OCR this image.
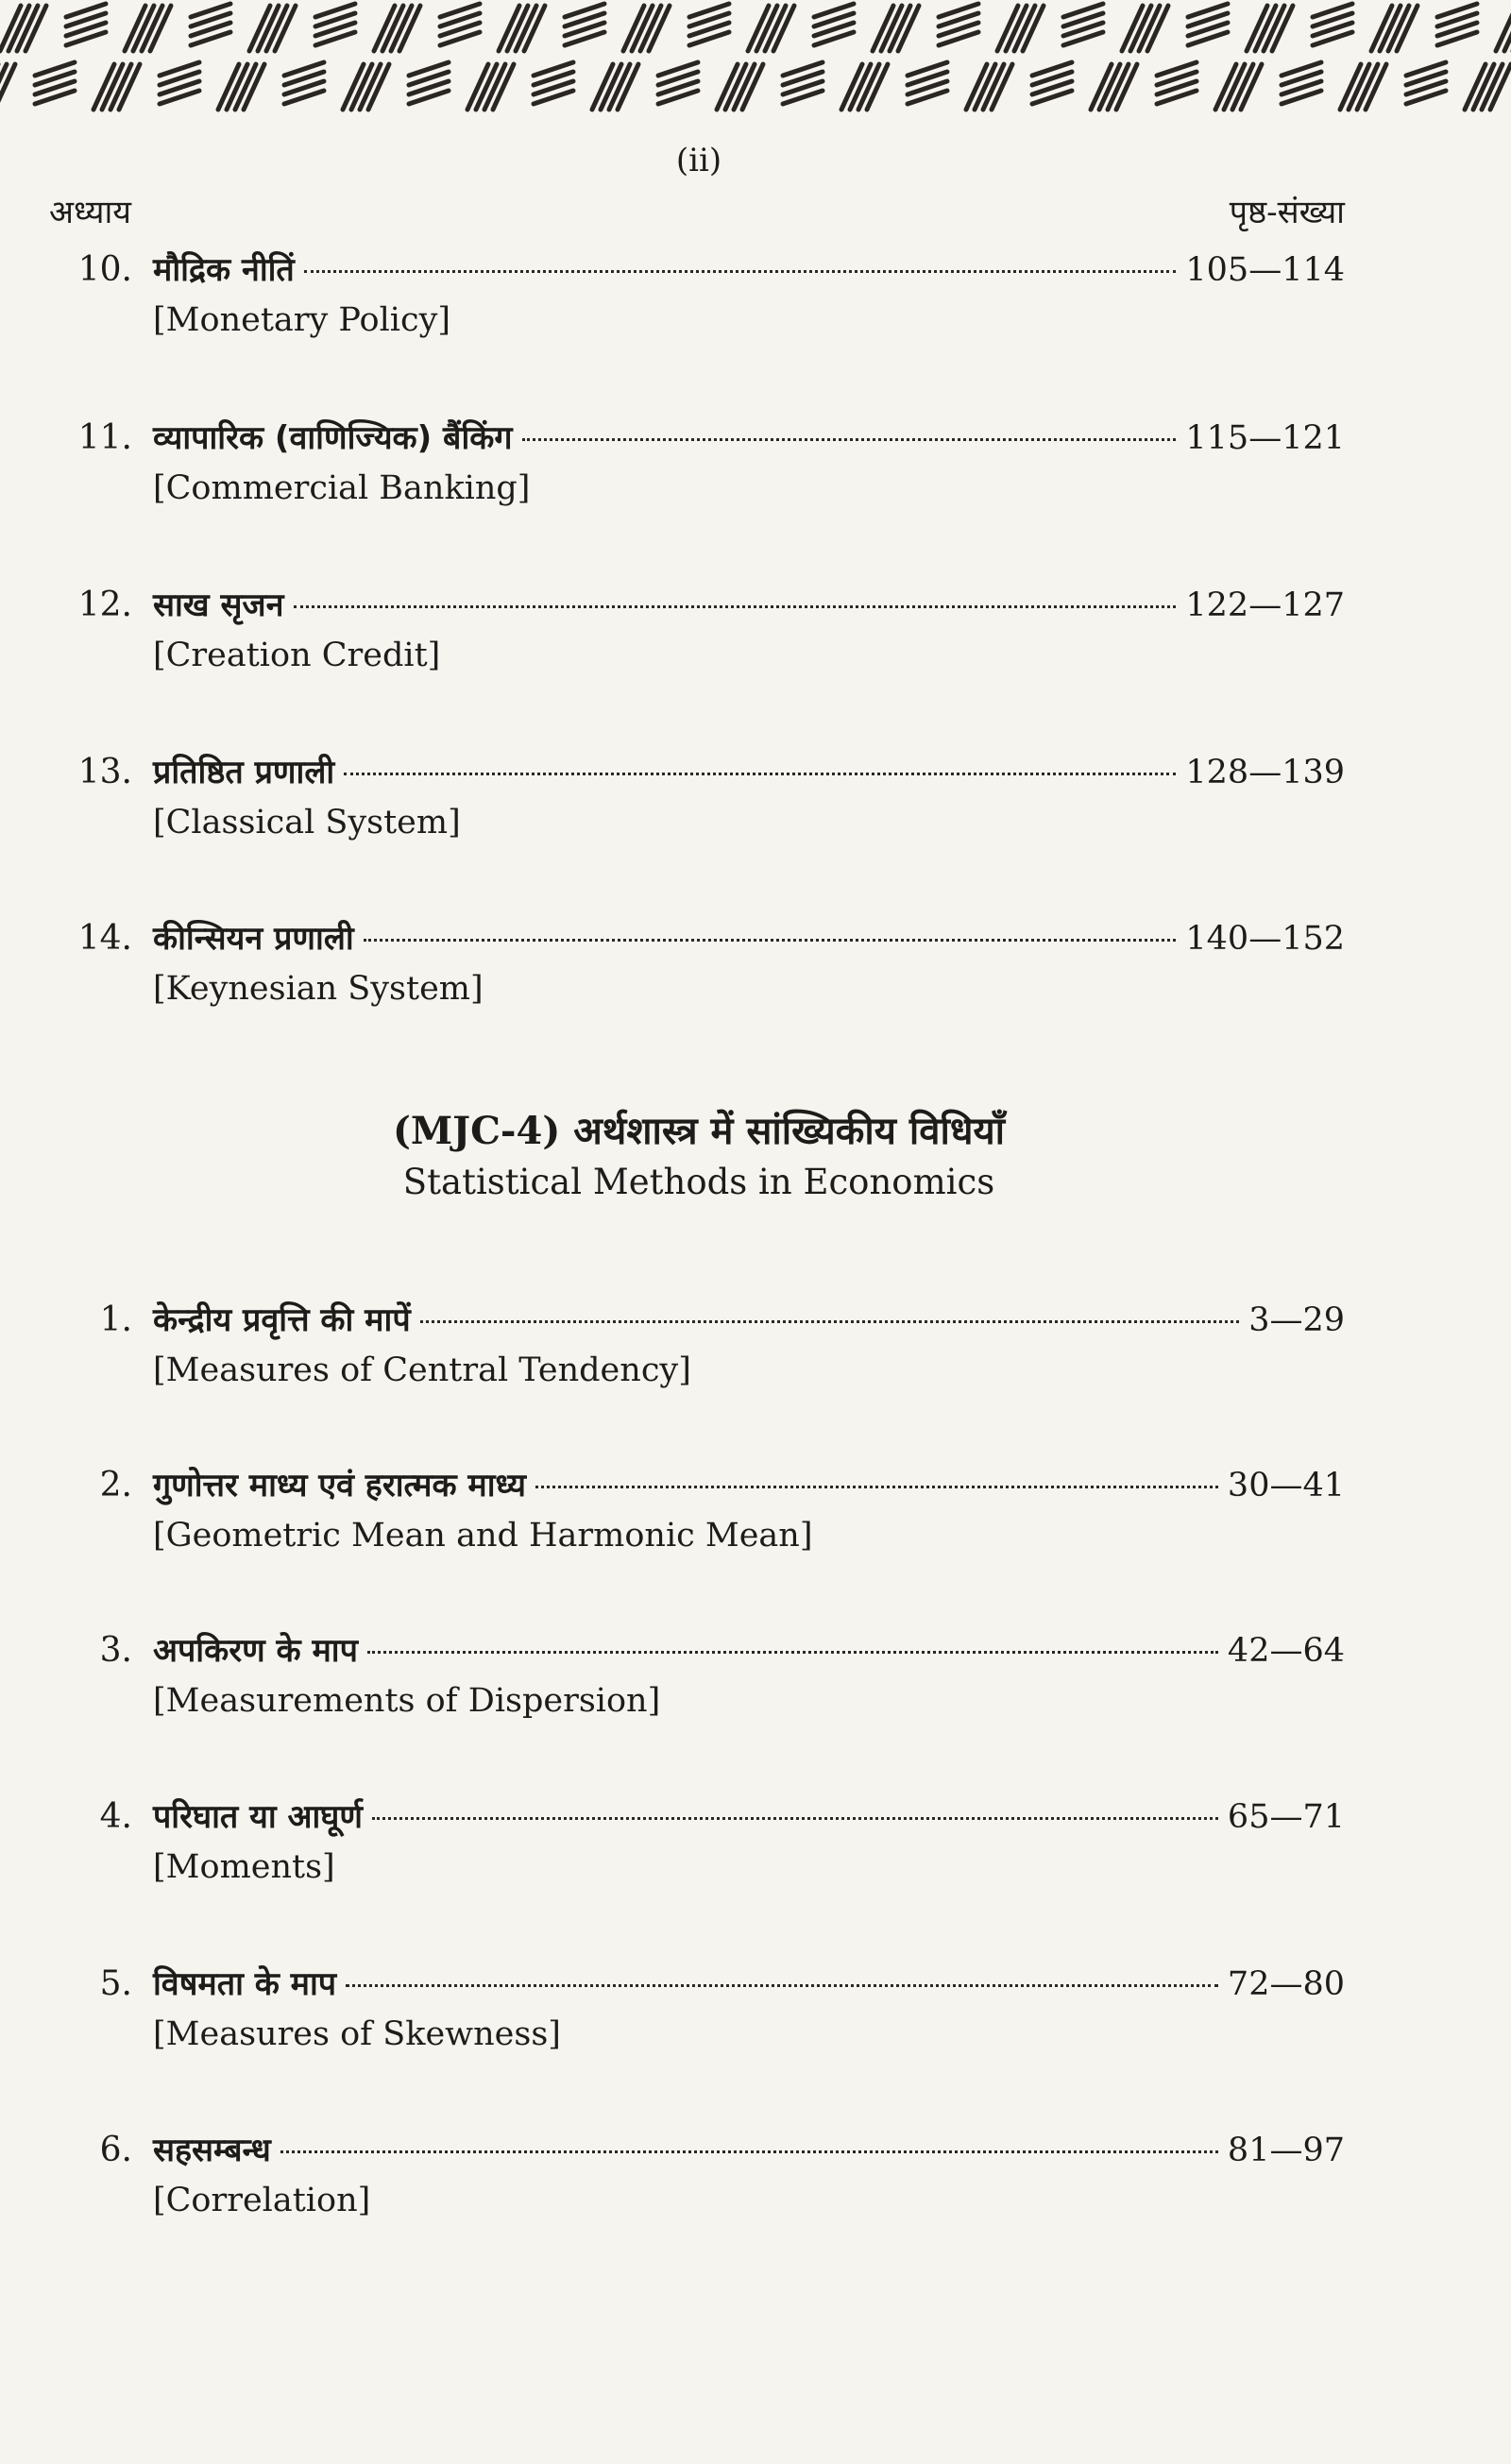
(ii)
अध्याय	पृष्ठ-संख्या
10. मौद्रिक नीतिं	105—114
[Monetary Policy]
11. व्यापारिक (वाणिज्यिक) बैंकिंग	115—121
[Commercial Banking]
12. साख सृजन	122—127
[Creation Credit]
13. प्रतिष्ठित प्रणाली	128—139
[Classical System]
14. कीन्सियन प्रणाली	140—152
[Keynesian System]
(MJC-4) अर्थशास्त्र में सांख्यिकीय विधियाँ
Statistical Methods in Economics
1. केन्द्रीय प्रवृत्ति की मापें	3—29
[Measures of Central Tendency]
2. गुणोत्तर माध्य एवं हरात्मक माध्य	30—41
[Geometric Mean and Harmonic Mean]
3. अपकिरण के माप	42—64
[Measurements of Dispersion]
4. परिघात या आघूर्ण	65—71
[Moments]
5. विषमता के माप	72—80
[Measures of Skewness]
6. सहसम्बन्ध	81—97
[Correlation]
